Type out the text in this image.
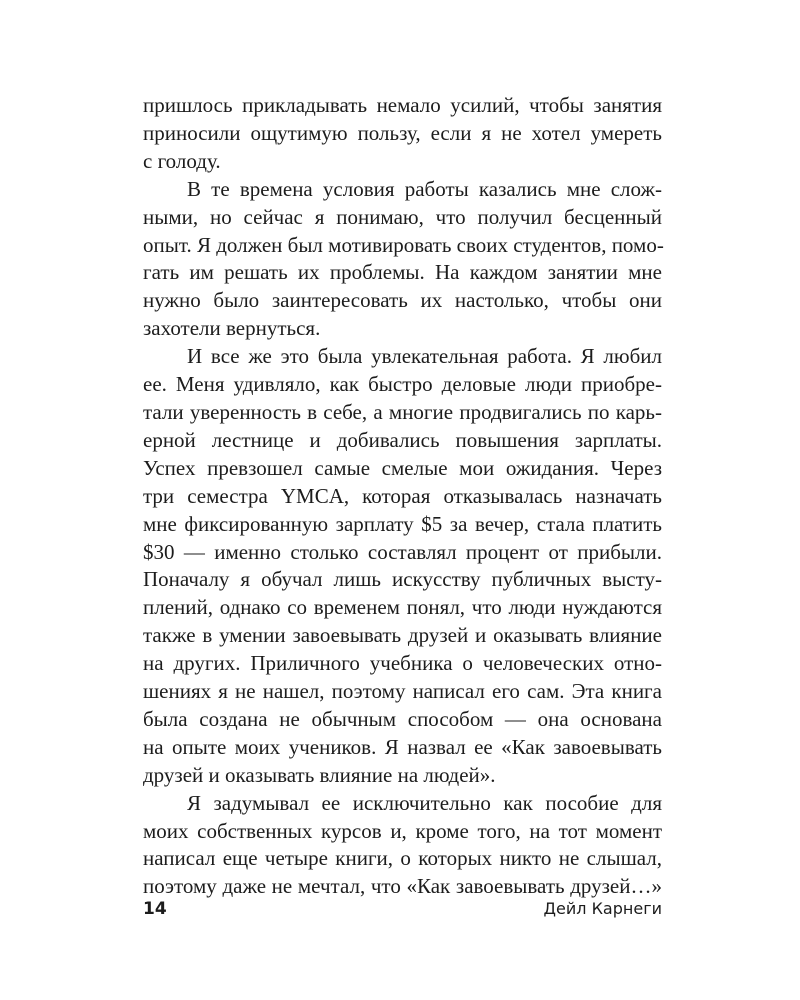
пришлось прикладывать немало усилий, чтобы занятия
приносили ощутимую пользу, если я не хотел умереть
с голоду.

В те времена условия работы казались мне слож-
ными, но сейчас я понимаю, что получил бесценный
опыт. Я должен был мотивировать своих студентов, помо-
гать им решать их проблемы. На каждом занятии мне
нужно было заинтересовать их настолько, чтобы они
захотели вернуться.

И все же это была увлекательная работа. Я любил
ее. Меня удивляло, как быстро деловые люди приобре-
тали уверенность в себе, а многие продвигались по карь-
ерной лестнице и добивались повышения зарплаты.
Успех превзошел самые смелые мои ожидания. Через
три семестра YMCA, которая отказывалась назначать
мне фиксированную зарплату $5 за вечер, стала платить
$30 — именно столько составлял процент от прибыли.
Поначалу я обучал лишь искусству публичных высту-
плений, однако со временем понял, что люди нуждаются
также в умении завоевывать друзей и оказывать влияние
на других. Приличного учебника о человеческих отно-
шениях я не нашел, поэтому написал его сам. Эта книга
была создана не обычным способом — она основана
на опыте моих учеников. Я назвал ее «Как завоевывать
друзей и оказывать влияние на людей».

Я задумывал ее исключительно как пособие для
моих собственных курсов и, кроме того, на тот момент
написал еще четыре книги, о которых никто не слышал,
поэтому даже не мечтал, что «Как завоевывать друзей…»

14	Дейл Карнеги
